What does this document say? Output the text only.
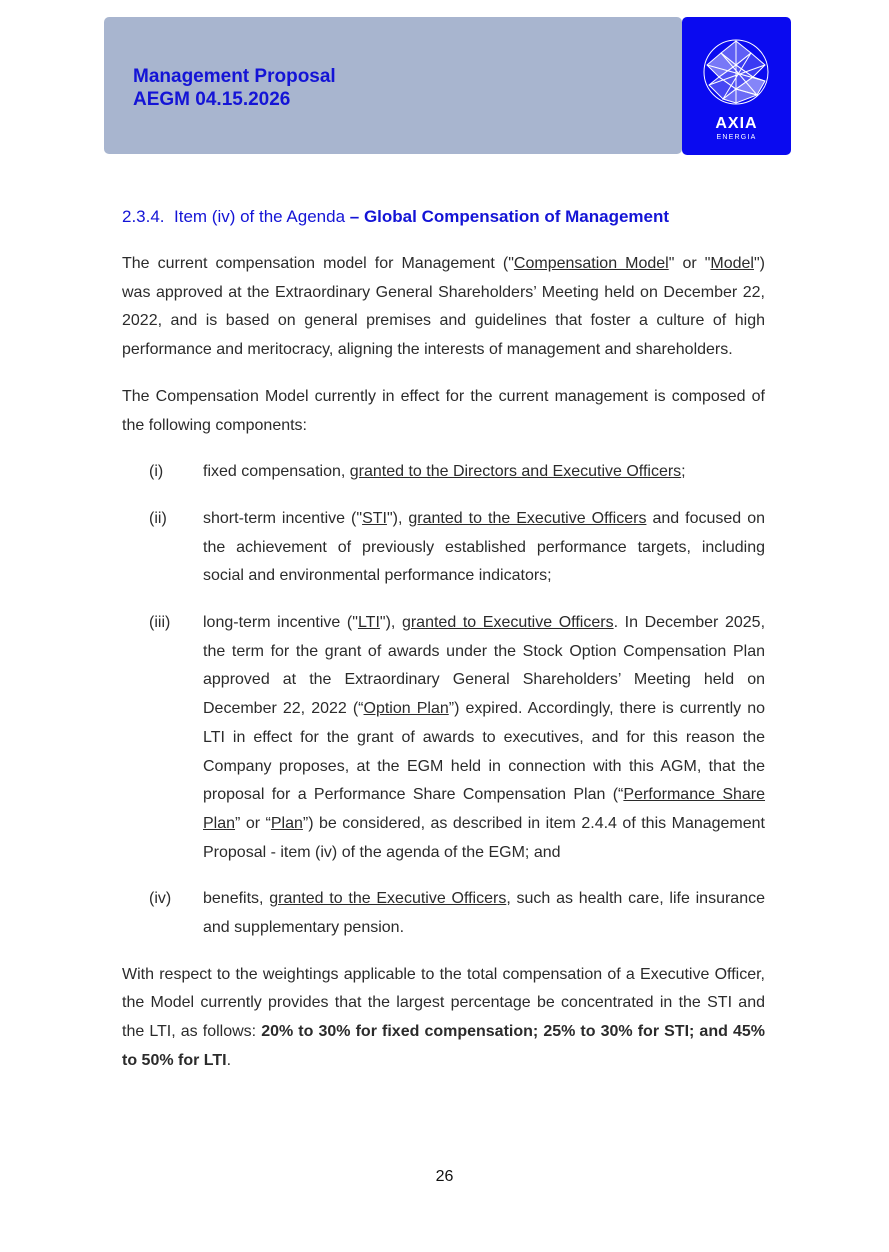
Management Proposal
AEGM 04.15.2026
AXIA
ENERGIA
2.3.4. Item (iv) of the Agenda – Global Compensation of Management

The current compensation model for Management ("Compensation Model" or "Model") was approved at the Extraordinary General Shareholders’ Meeting held on December 22, 2022, and is based on general premises and guidelines that foster a culture of high performance and meritocracy, aligning the interests of management and shareholders.

The Compensation Model currently in effect for the current management is composed of the following components:

(i) fixed compensation, granted to the Directors and Executive Officers;

(ii) short-term incentive ("STI"), granted to the Executive Officers and focused on the achievement of previously established performance targets, including social and environmental performance indicators;

(iii) long-term incentive ("LTI"), granted to Executive Officers. In December 2025, the term for the grant of awards under the Stock Option Compensation Plan approved at the Extraordinary General Shareholders’ Meeting held on December 22, 2022 (“Option Plan”) expired. Accordingly, there is currently no LTI in effect for the grant of awards to executives, and for this reason the Company proposes, at the EGM held in connection with this AGM, that the proposal for a Performance Share Compensation Plan (“Performance Share Plan” or “Plan”) be considered, as described in item 2.4.4 of this Management Proposal - item (iv) of the agenda of the EGM; and

(iv) benefits, granted to the Executive Officers, such as health care, life insurance and supplementary pension.

With respect to the weightings applicable to the total compensation of a Executive Officer, the Model currently provides that the largest percentage be concentrated in the STI and the LTI, as follows: 20% to 30% for fixed compensation; 25% to 30% for STI; and 45% to 50% for LTI.

26
